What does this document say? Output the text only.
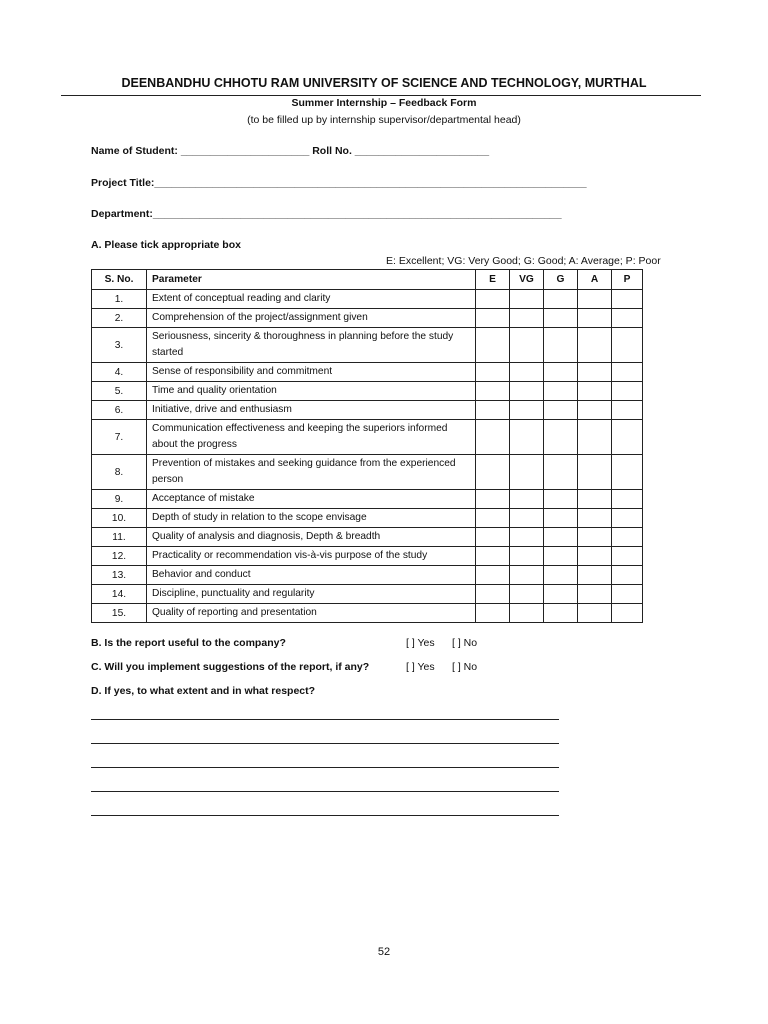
DEENBANDHU CHHOTU RAM UNIVERSITY OF SCIENCE AND TECHNOLOGY, MURTHAL
Summer Internship – Feedback Form
(to be filled up by internship supervisor/departmental head)
Name of Student: ______________________ Roll No. _______________________
Project Title:__________________________________________________________________________
Department:______________________________________________________________________
A. Please tick appropriate box
E: Excellent; VG: Very Good; G: Good; A: Average; P: Poor
S. No.	Parameter	E	VG	G	A	P
1.	Extent of conceptual reading and clarity					
2.	Comprehension of the project/assignment given					
3.	Seriousness, sincerity & thoroughness in planning before the study started					
4.	Sense of responsibility and commitment					
5.	Time and quality orientation					
6.	Initiative, drive and enthusiasm					
7.	Communication effectiveness and keeping the superiors informed about the progress					
8.	Prevention of mistakes and seeking guidance from the experienced person					
9.	Acceptance of mistake					
10.	Depth of study in relation to the scope envisage					
11.	Quality of analysis and diagnosis, Depth & breadth					
12.	Practicality or recommendation vis-à-vis purpose of the study					
13.	Behavior and conduct					
14.	Discipline, punctuality and regularity					
15.	Quality of reporting and presentation					
B. Is the report useful to the company?	[ ] Yes [ ] No
C. Will you implement suggestions of the report, if any?	[ ] Yes [ ] No
D. If yes, to what extent and in what respect?
52
